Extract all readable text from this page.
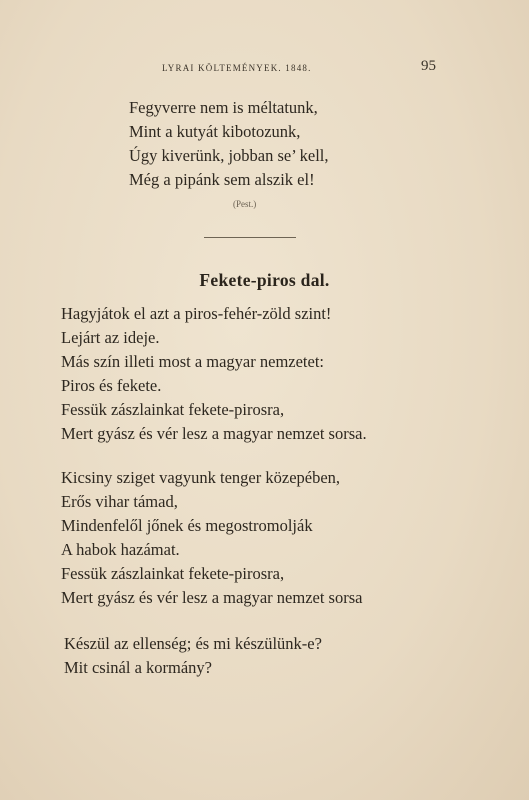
LYRAI KÖLTEMÉNYEK. 1848.	95
Fegyverre nem is méltatunk,
Mint a kutyát kibotozunk,
Úgy kiverünk, jobban se’ kell,
Még a pipánk sem alszik el!
(Pest.)
Fekete-piros dal.
Hagyjátok el azt a piros-fehér-zöld szint!
Lejárt az ideje.
Más szín illeti most a magyar nemzetet:
Piros és fekete.
Fessük zászlainkat fekete-pirosra,
Mert gyász és vér lesz a magyar nemzet sorsa.
Kicsiny sziget vagyunk tenger közepében,
Erős vihar támad,
Mindenfelől jőnek és megostromolják
A habok hazámat.
Fessük zászlainkat fekete-pirosra,
Mert gyász és vér lesz a magyar nemzet sorsa
Készül az ellenség; és mi készülünk-e?
Mit csinál a kormány?
